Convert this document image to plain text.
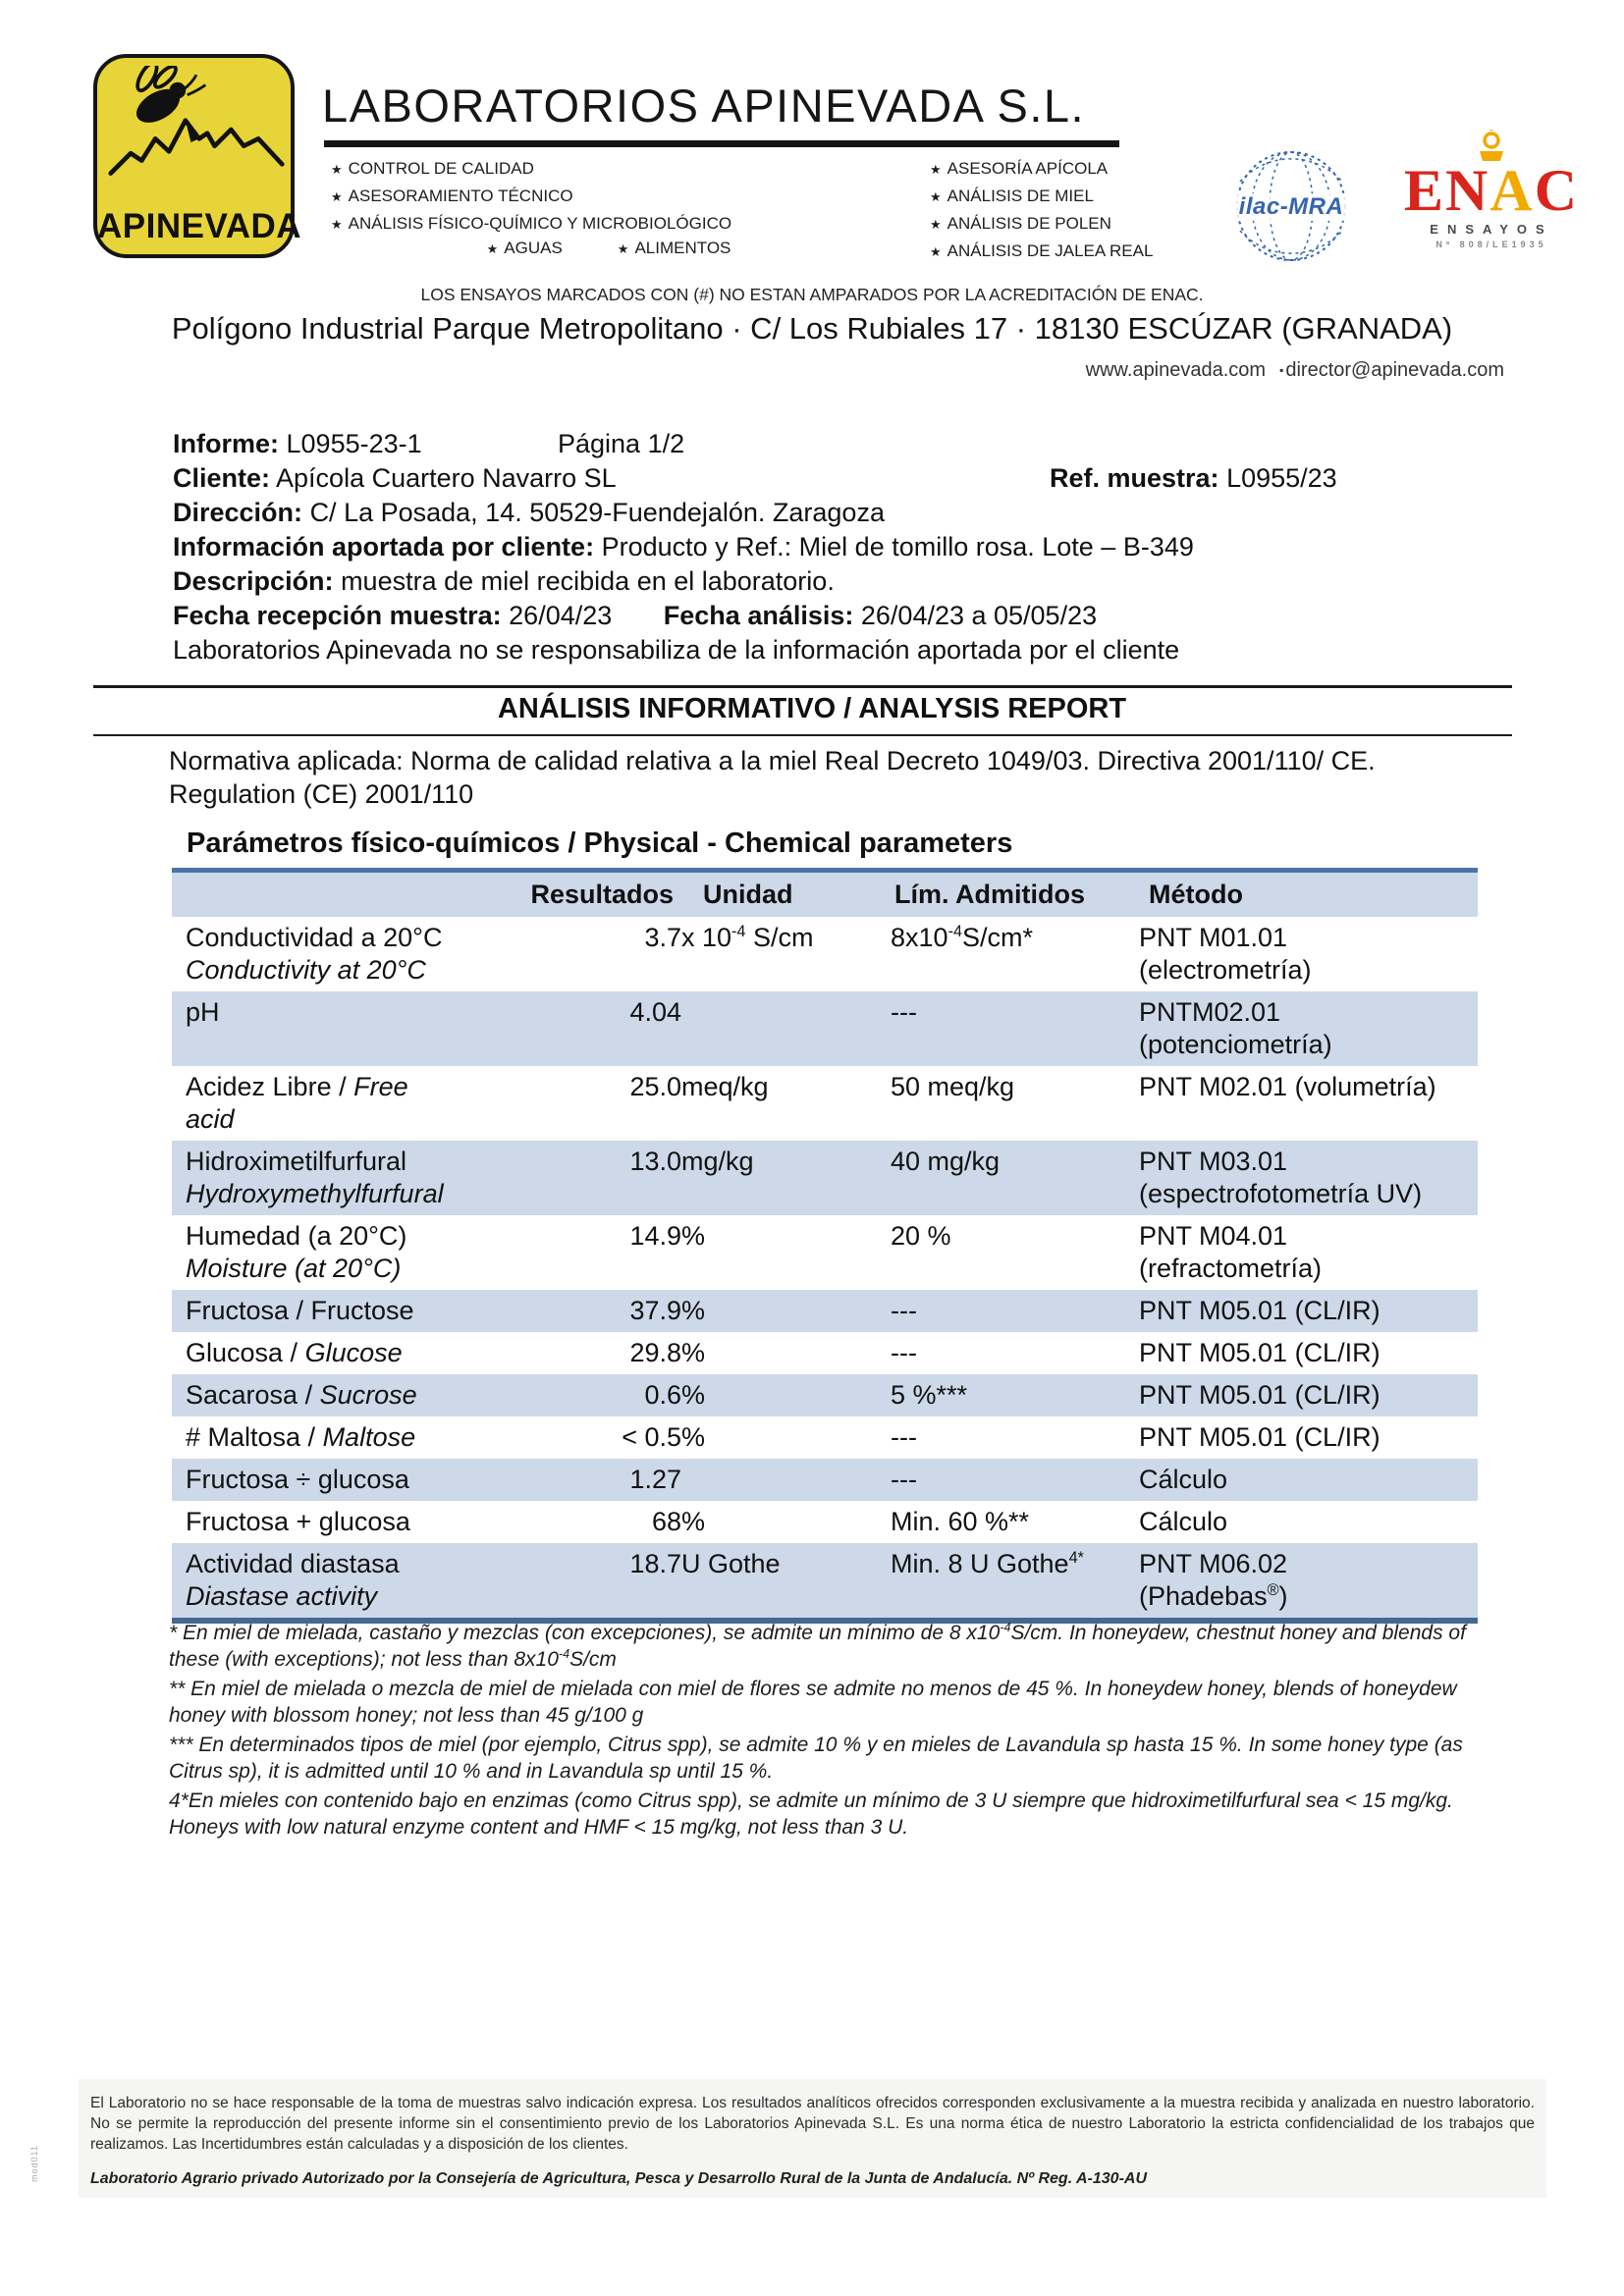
APINEVADA
LABORATORIOS APINEVADA S.L.
★ CONTROL DE CALIDAD
★ ASESORAMIENTO TÉCNICO
★ ANÁLISIS FÍSICO-QUÍMICO Y MICROBIOLÓGICO
★ ASESORÍA APÍCOLA
★ ANÁLISIS DE MIEL
★ ANÁLISIS DE POLEN
★ ANÁLISIS DE JALEA REAL
★ AGUAS	★ ALIMENTOS
ilac-MRA	ENAC
ENSAYOS
Nº 808/LE1935
LOS ENSAYOS MARCADOS CON (#) NO ESTAN AMPARADOS POR LA ACREDITACIÓN DE ENAC.
Polígono Industrial Parque Metropolitano · C/ Los Rubiales 17 · 18130 ESCÚZAR (GRANADA)
www.apinevada.com ▪ director@apinevada.com
Informe: L0955-23-1	Página 1/2
Cliente: Apícola Cuartero Navarro SL	Ref. muestra: L0955/23
Dirección: C/ La Posada, 14. 50529-Fuendejalón. Zaragoza
Información aportada por cliente: Producto y Ref.: Miel de tomillo rosa. Lote – B-349
Descripción: muestra de miel recibida en el laboratorio.
Fecha recepción muestra: 26/04/23 Fecha análisis: 26/04/23 a 05/05/23
Laboratorios Apinevada no se responsabiliza de la información aportada por el cliente
ANÁLISIS INFORMATIVO / ANALYSIS REPORT
Normativa aplicada: Norma de calidad relativa a la miel Real Decreto 1049/03. Directiva 2001/110/ CE. Regulation (CE) 2001/110
Parámetros físico-químicos / Physical - Chemical parameters
	Resultados	Unidad	Lím. Admitidos	Método
Conductividad a 20°C
Conductivity at 20°C	3.7	x $10^{-4}$ S/cm	$8x10^{-4}S/cm*$	PNT M01.01
(electrometría)
pH	4.04		---	PNTM02.01
(potenciometría)
Acidez Libre / Free
acid	25.0	meq/kg	50 meq/kg	PNT M02.01 (volumetría)
Hidroximetilfurfural
Hydroxymethylfurfural	13.0	mg/kg	40 mg/kg	PNT M03.01
(espectrofotometría UV)
Humedad (a 20°C)
Moisture (at 20°C)	14.9	%	20 %	PNT M04.01
(refractometría)
Fructosa / Fructose	37.9	%	---	PNT M05.01 (CL/IR)
Glucosa / Glucose	29.8	%	---	PNT M05.01 (CL/IR)
Sacarosa / Sucrose	0.6	%	5 %***	PNT M05.01 (CL/IR)
# Maltosa / Maltose	< 0.5	%	---	PNT M05.01 (CL/IR)
Fructosa ÷ glucosa	1.27		---	Cálculo
Fructosa + glucosa	68	%	Min. 60 %**	Cálculo
Actividad diastasa
Diastase activity	18.7	U Gothe	Min. 8 U Gothe$^{4*}$	PNT M06.02
(Phadebas®)

* En miel de mielada, castaño y mezclas (con excepciones), se admite un mínimo de 8 $x10^{-4}S/cm$. In honeydew, chestnut honey and blends of these (with exceptions); not less than $8x10^{-4}S/cm$

** En miel de mielada o mezcla de miel de mielada con miel de flores se admite no menos de 45 %. In honeydew honey, blends of honeydew honey with blossom honey; not less than 45 g/100 g

*** En determinados tipos de miel (por ejemplo, Citrus spp), se admite 10 % y en mieles de Lavandula sp hasta 15 %. In some honey type (as Citrus sp), it is admitted until 10 % and in Lavandula sp until 15 %.

4*En mieles con contenido bajo en enzimas (como Citrus spp), se admite un mínimo de 3 U siempre que hidroximetilfurfural sea < 15 mg/kg. Honeys with low natural enzyme content and HMF < 15 mg/kg, not less than 3 U.

El Laboratorio no se hace responsable de la toma de muestras salvo indicación expresa. Los resultados analíticos ofrecidos corresponden exclusivamente a la muestra recibida y analizada en nuestro laboratorio. No se permite la reproducción del presente informe sin el consentimiento previo de los Laboratorios Apinevada S.L. Es una norma ética de nuestro Laboratorio la estricta confidencialidad de los trabajos que realizamos. Las Incertidumbres están calculadas y a disposición de los clientes.

Laboratorio Agrario privado Autorizado por la Consejería de Agricultura, Pesca y Desarrollo Rural de la Junta de Andalucía. Nº Reg. A-130-AU

mod011
